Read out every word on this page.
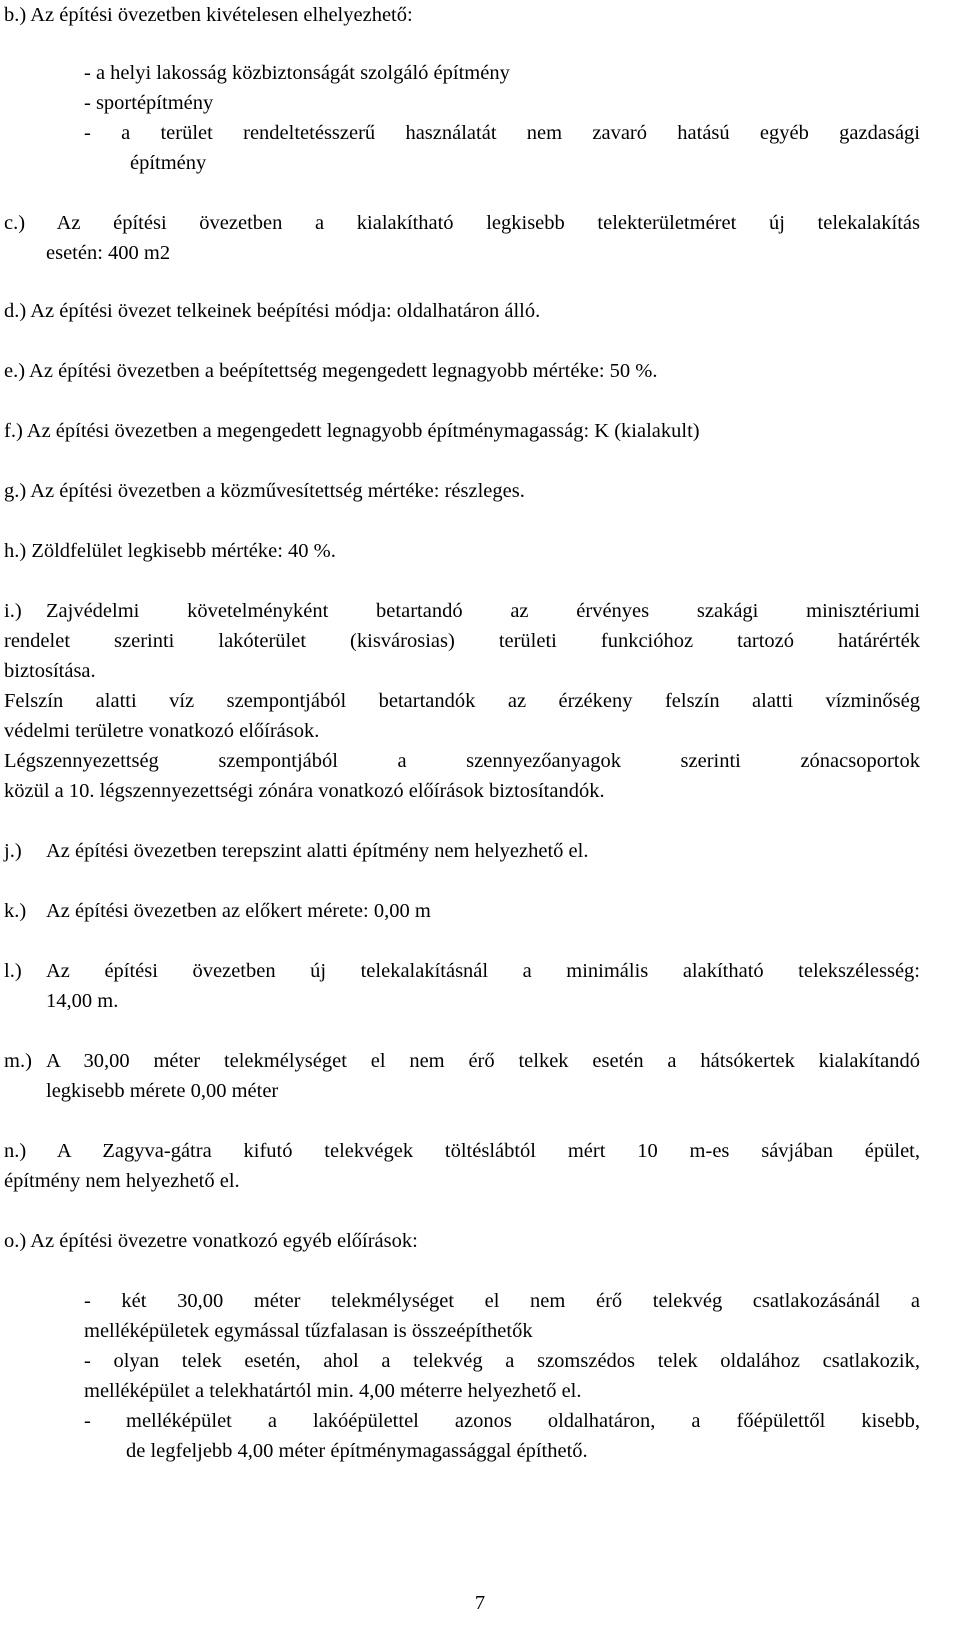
b.) Az építési övezetben kivételesen elhelyezhető:
- a helyi lakosság közbiztonságát szolgáló építmény
- sportépítmény
- a terület rendeltetésszerű használatát nem zavaró hatású egyéb gazdasági
építmény
c.) Az építési övezetben a kialakítható legkisebb telekterületméret új telekalakítás
esetén: 400 m2
d.) Az építési övezet telkeinek beépítési módja: oldalhatáron álló.
e.) Az építési övezetben a beépítettség megengedett legnagyobb mértéke: 50 %.
f.) Az építési övezetben a megengedett legnagyobb építménymagasság: K (kialakult)
g.) Az építési övezetben a közművesítettség mértéke: részleges.
h.) Zöldfelület legkisebb mértéke: 40 %.
i.) Zajvédelmi követelményként betartandó az érvényes szakági minisztériumi
rendelet szerinti lakóterület (kisvárosias) területi funkcióhoz tartozó határérték
biztosítása.
Felszín alatti víz szempontjából betartandók az érzékeny felszín alatti vízminőség
védelmi területre vonatkozó előírások.
Légszennyezettség szempontjából a szennyezőanyagok szerinti zónacsoportok
közül a 10. légszennyezettségi zónára vonatkozó előírások biztosítandók.
j.) Az építési övezetben terepszint alatti építmény nem helyezhető el.
k.) Az építési övezetben az előkert mérete: 0,00 m
l.) Az építési övezetben új telekalakításnál a minimális alakítható telekszélesség:
14,00 m.
m.) A 30,00 méter telekmélységet el nem érő telkek esetén a hátsókertek kialakítandó
legkisebb mérete 0,00 méter
n.) A Zagyva-gátra kifutó telekvégek töltéslábtól mért 10 m-es sávjában épület,
építmény nem helyezhető el.
o.) Az építési övezetre vonatkozó egyéb előírások:
- két 30,00 méter telekmélységet el nem érő telekvég csatlakozásánál a
melléképületek egymással tűzfalasan is összeépíthetők
- olyan telek esetén, ahol a telekvég a szomszédos telek oldalához csatlakozik,
melléképület a telekhatártól min. 4,00 méterre helyezhető el.
- melléképület a lakóépülettel azonos oldalhatáron, a főépülettől kisebb,
de legfeljebb 4,00 méter építménymagassággal építhető.
7
